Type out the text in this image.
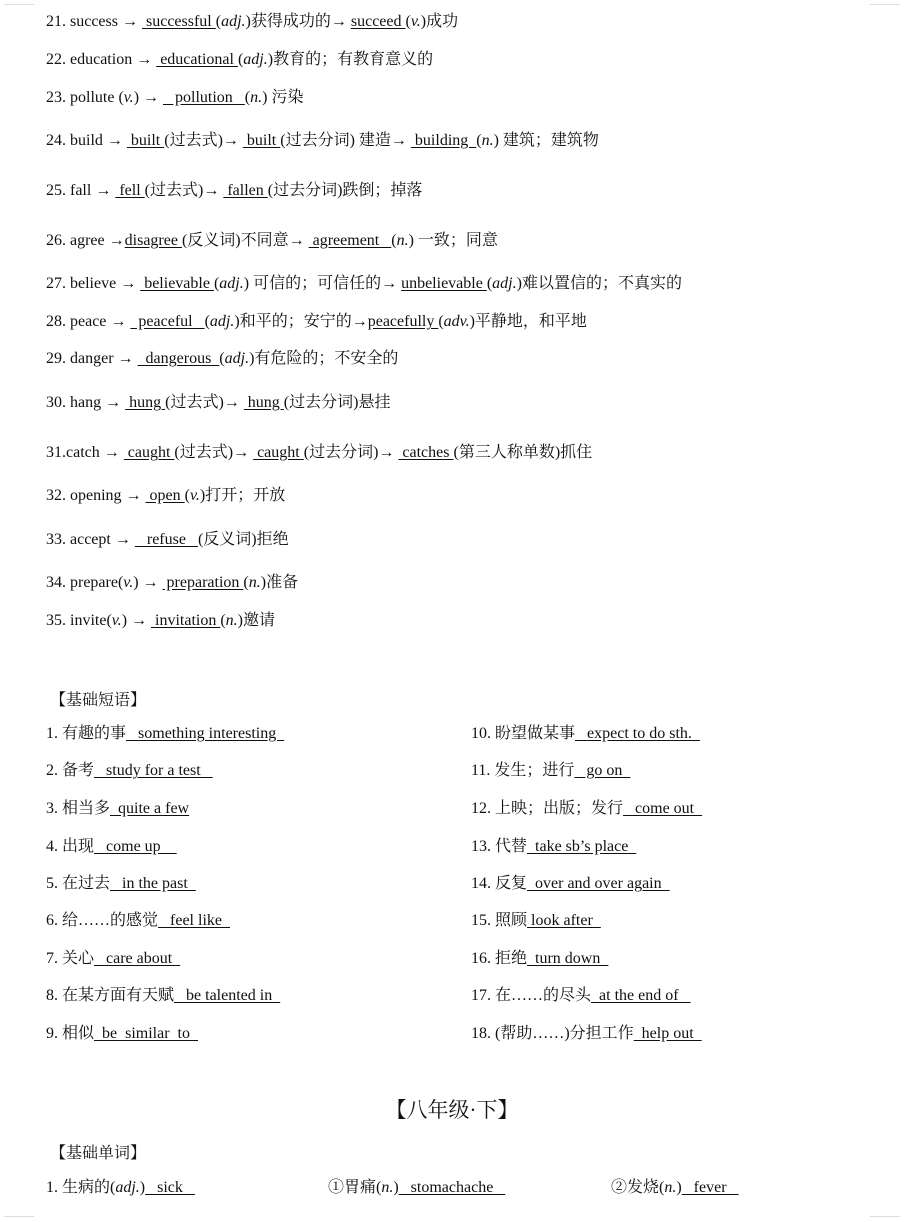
21. success →  successful (adj.)获得成功的→ succeed (v.)成功
22. education →  educational (adj.)教育的；有教育意义的
23. pollute (v.) →    pollution   (n.) 污染
24. build →  built (过去式)→  built (过去分词) 建造→  building  (n.) 建筑；建筑物
25. fall →  fell (过去式)→  fallen (过去分词)跌倒；掉落
26. agree →disagree (反义词)不同意→  agreement   (n.) 一致；同意
27. believe →  believable (adj.) 可信的；可信任的→ unbelievable (adj.)难以置信的；不真实的
28. peace →   peaceful   (adj.)和平的；安宁的→peacefully (adv.)平静地，和平地
29. danger →   dangerous  (adj.)有危险的；不安全的
30. hang →  hung (过去式)→  hung (过去分词)悬挂
31.catch →  caught (过去式)→  caught (过去分词)→  catches (第三人称单数)抓住
32. opening →  open (v.)打开；开放
33. accept →    refuse   (反义词)拒绝
34. prepare(v.) →  preparation (n.)准备
35. invite(v.) →  invitation (n.)邀请
【基础短语】
1. 有趣的事   something interesting
2. 备考   study for a test
3. 相当多  quite a few
4. 出现   come up
5. 在过去   in the past
6. 给……的感觉   feel like
7. 关心   care about
8. 在某方面有天赋   be talented in
9. 相似  be  similar  to
10. 盼望做某事   expect to do sth.
11. 发生；进行   go on
12. 上映；出版；发行   come out
13. 代替  take sb’s place
14. 反复  over and over again
15. 照顾 look after
16. 拒绝  turn down
17. 在……的尽头  at the end of
18. (帮助……)分担工作  help out
【八年级·下】
【基础单词】
1. 生病的(adj.)   sick	①胃痛(n.)   stomachache	②发烧(n.)   fever
